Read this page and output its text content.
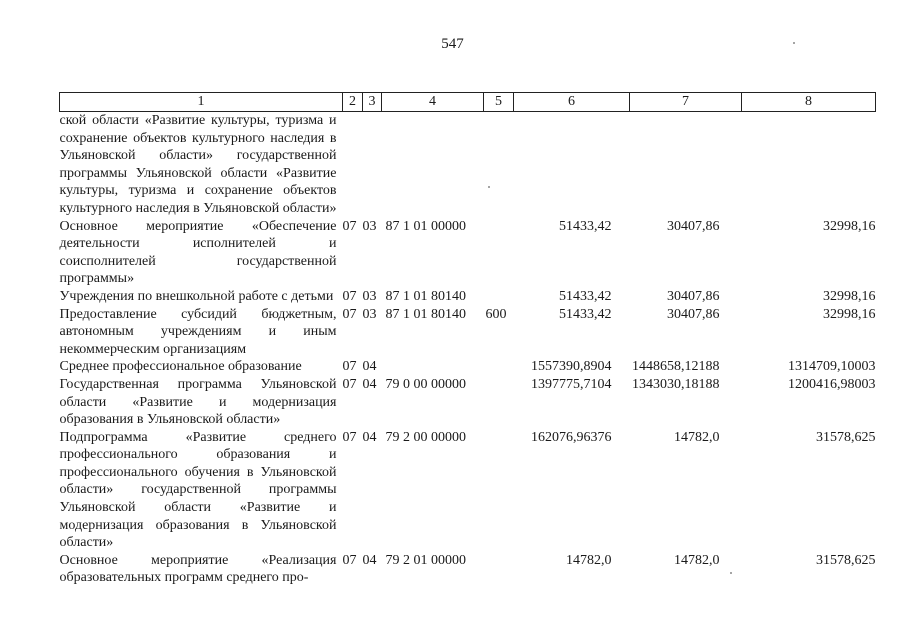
547
1	2	3	4	5	6	7	8
ской области «Развитие культуры, туризма и сохранение объектов культурного наследия в Ульяновской области» государственной программы Ульяновской области «Развитие культуры, туризма и сохранение объектов культурного наследия в Ульяновской области»							
Основное мероприятие «Обеспечение деятельности исполнителей и соисполнителей государственной программы»	07	03	87 1 01 00000		51433,42	30407,86	32998,16
Учреждения по внешкольной работе с детьми	07	03	87 1 01 80140		51433,42	30407,86	32998,16
Предоставление субсидий бюджетным, автономным учреждениям и иным некоммерческим организациям	07	03	87 1 01 80140	600	51433,42	30407,86	32998,16
Среднее профессиональное образование	07	04			1557390,8904	1448658,12188	1314709,10003
Государственная программа Ульяновской области «Развитие и модернизация образования в Ульяновской области»	07	04	79 0 00 00000		1397775,7104	1343030,18188	1200416,98003
Подпрограмма «Развитие среднего профессионального образования и профессионального обучения в Ульяновской области» государственной программы Ульяновской области «Развитие и модернизация образования в Ульяновской области»	07	04	79 2 00 00000		162076,96376	14782,0	31578,625
Основное мероприятие «Реализация образовательных программ среднего про-	07	04	79 2 01 00000		14782,0	14782,0	31578,625
